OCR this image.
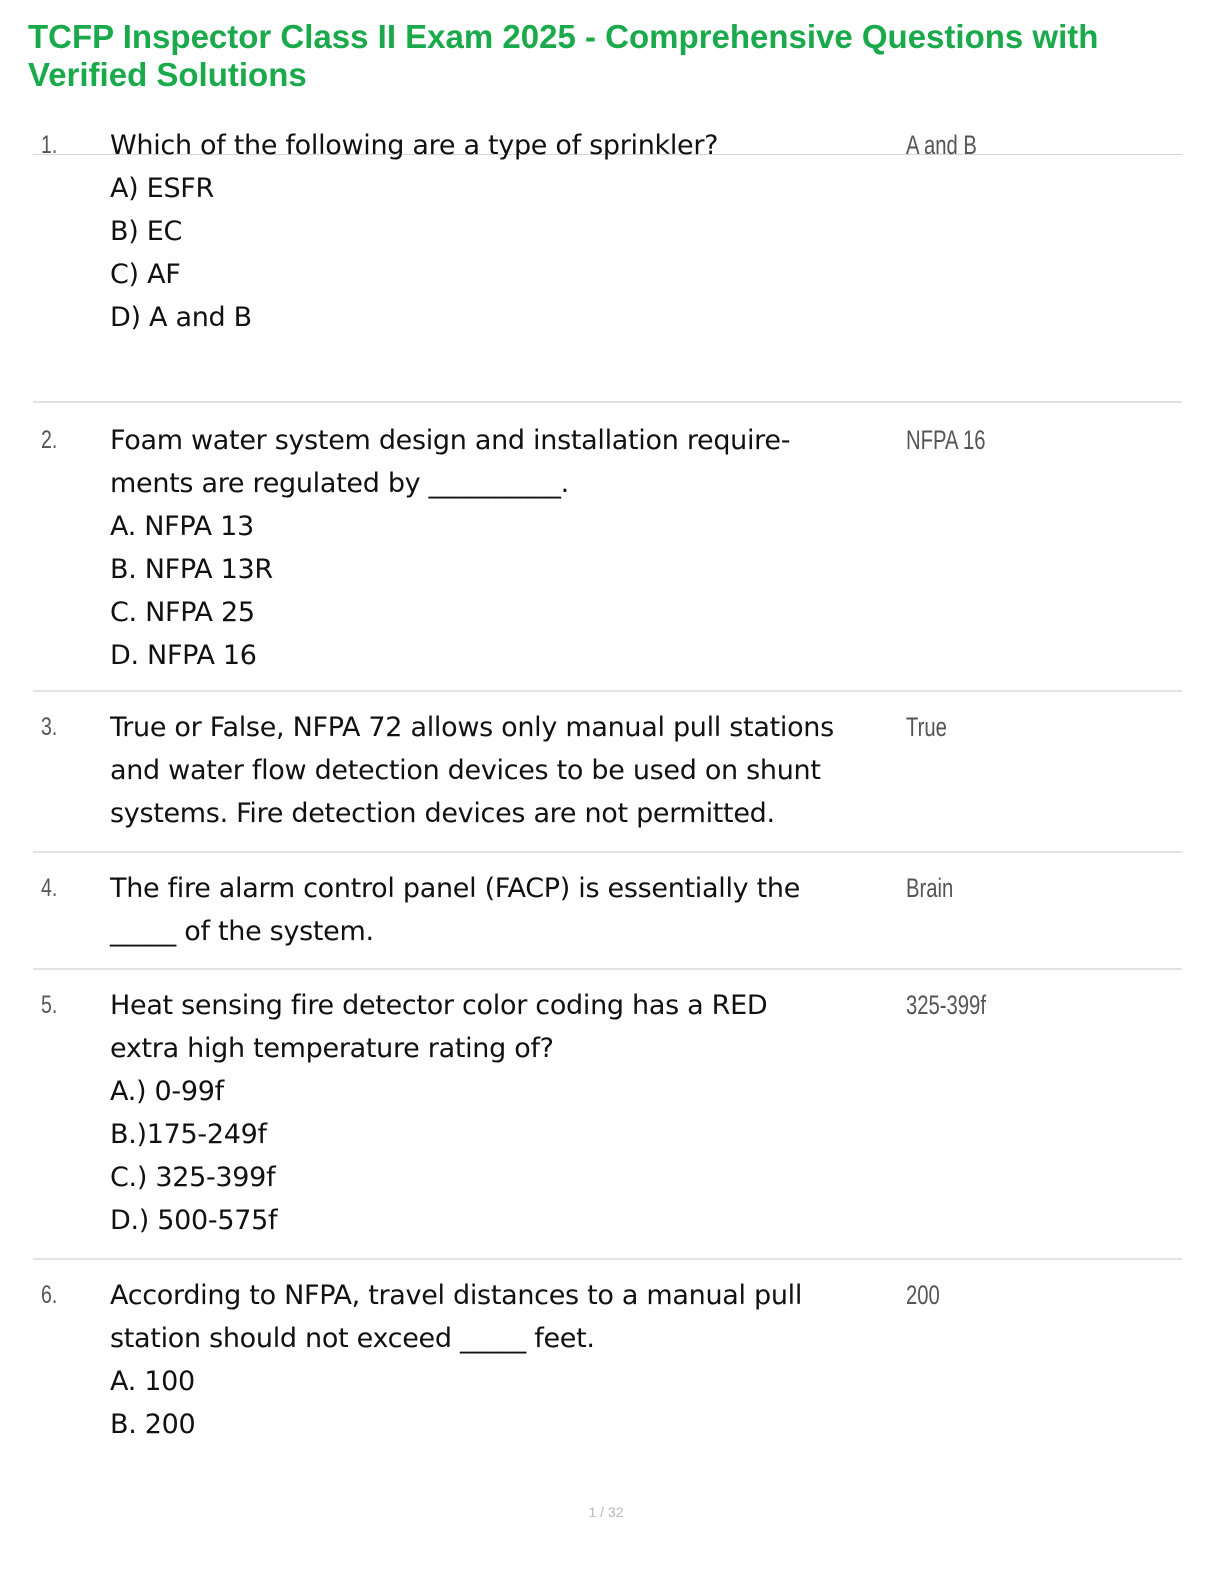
TCFP Inspector Class II Exam 2025 - Comprehensive Questions with Verified Solutions
1. Which of the following are a type of sprinkler?
A) ESFR
B) EC
C) AF
D) A and B
A and B
2. Foam water system design and installation require-
ments are regulated by __________.
A. NFPA 13
B. NFPA 13R
C. NFPA 25
D. NFPA 16
NFPA 16
3. True or False, NFPA 72 allows only manual pull stations
and water flow detection devices to be used on shunt
systems. Fire detection devices are not permitted.
True
4. The fire alarm control panel (FACP) is essentially the
_____ of the system.
Brain
5. Heat sensing fire detector color coding has a RED
extra high temperature rating of?
A.) 0-99f
B.)175-249f
C.) 325-399f
D.) 500-575f
325-399f
6. According to NFPA, travel distances to a manual pull
station should not exceed _____ feet.
A. 100
B. 200
200
1 / 32
